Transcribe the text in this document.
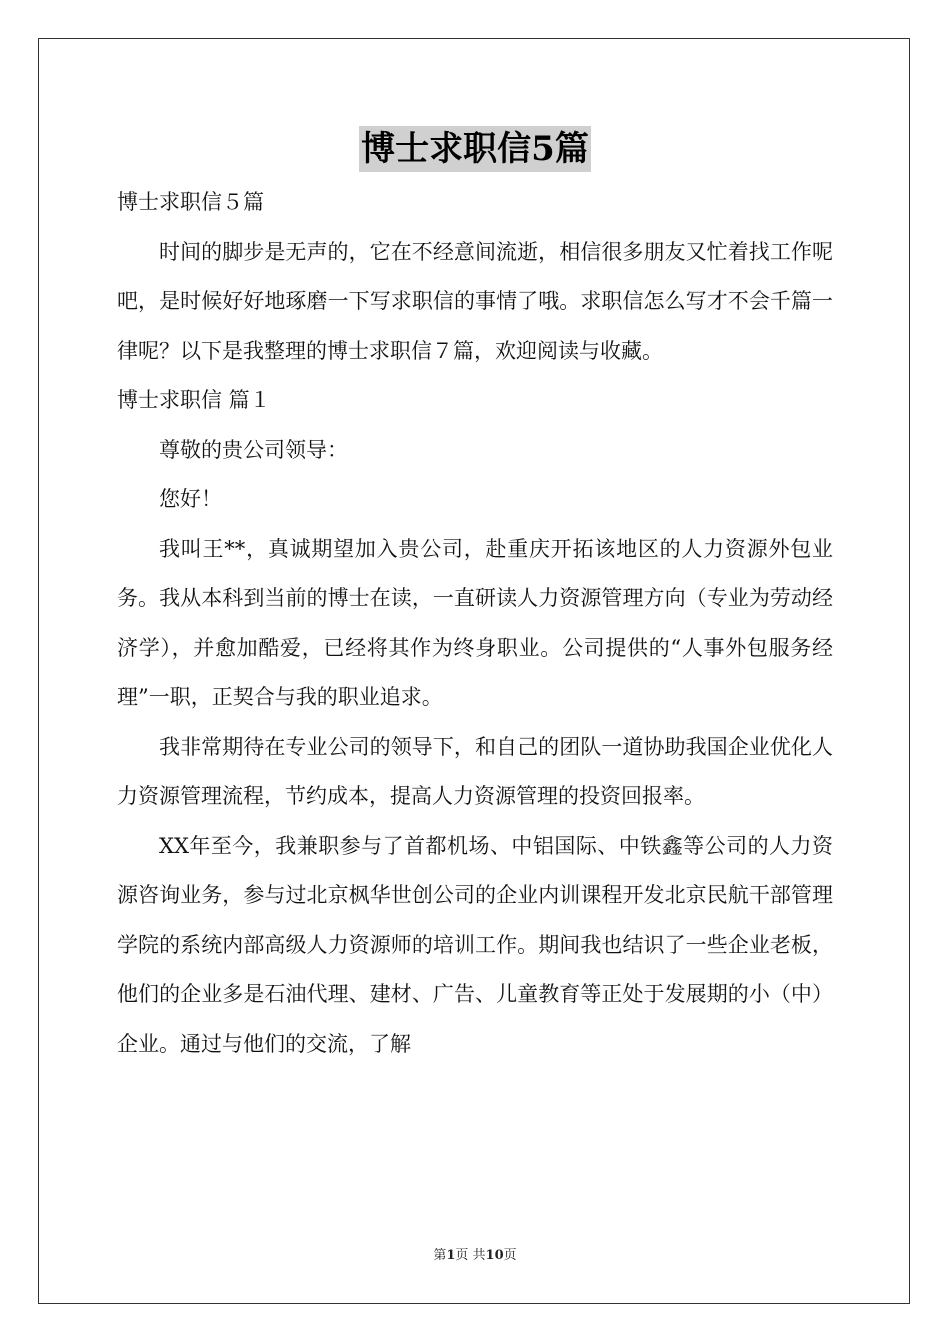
博士求职信5篇

博士求职信５篇

时间的脚步是无声的，它在不经意间流逝，相信很多朋友又忙着找工作呢吧，是时候好好地琢磨一下写求职信的事情了哦。求职信怎么写才不会千篇一律呢？以下是我整理的博士求职信７篇，欢迎阅读与收藏。

博士求职信 篇１

尊敬的贵公司领导：

您好！

我叫王**，真诚期望加入贵公司，赴重庆开拓该地区的人力资源外包业务。我从本科到当前的博士在读，一直研读人力资源管理方向（专业为劳动经济学），并愈加酷爱，已经将其作为终身职业。公司提供的“人事外包服务经理”一职，正契合与我的职业追求。

我非常期待在专业公司的领导下，和自己的团队一道协助我国企业优化人力资源管理流程，节约成本，提高人力资源管理的投资回报率。

XX年至今，我兼职参与了首都机场、中铝国际、中铁鑫等公司的人力资源咨询业务，参与过北京枫华世创公司的企业内训课程开发北京民航干部管理学院的系统内部高级人力资源师的培训工作。期间我也结识了一些企业老板，他们的企业多是石油代理、建材、广告、儿童教育等正处于发展期的小（中）企业。通过与他们的交流，了解

第1页 共10页
